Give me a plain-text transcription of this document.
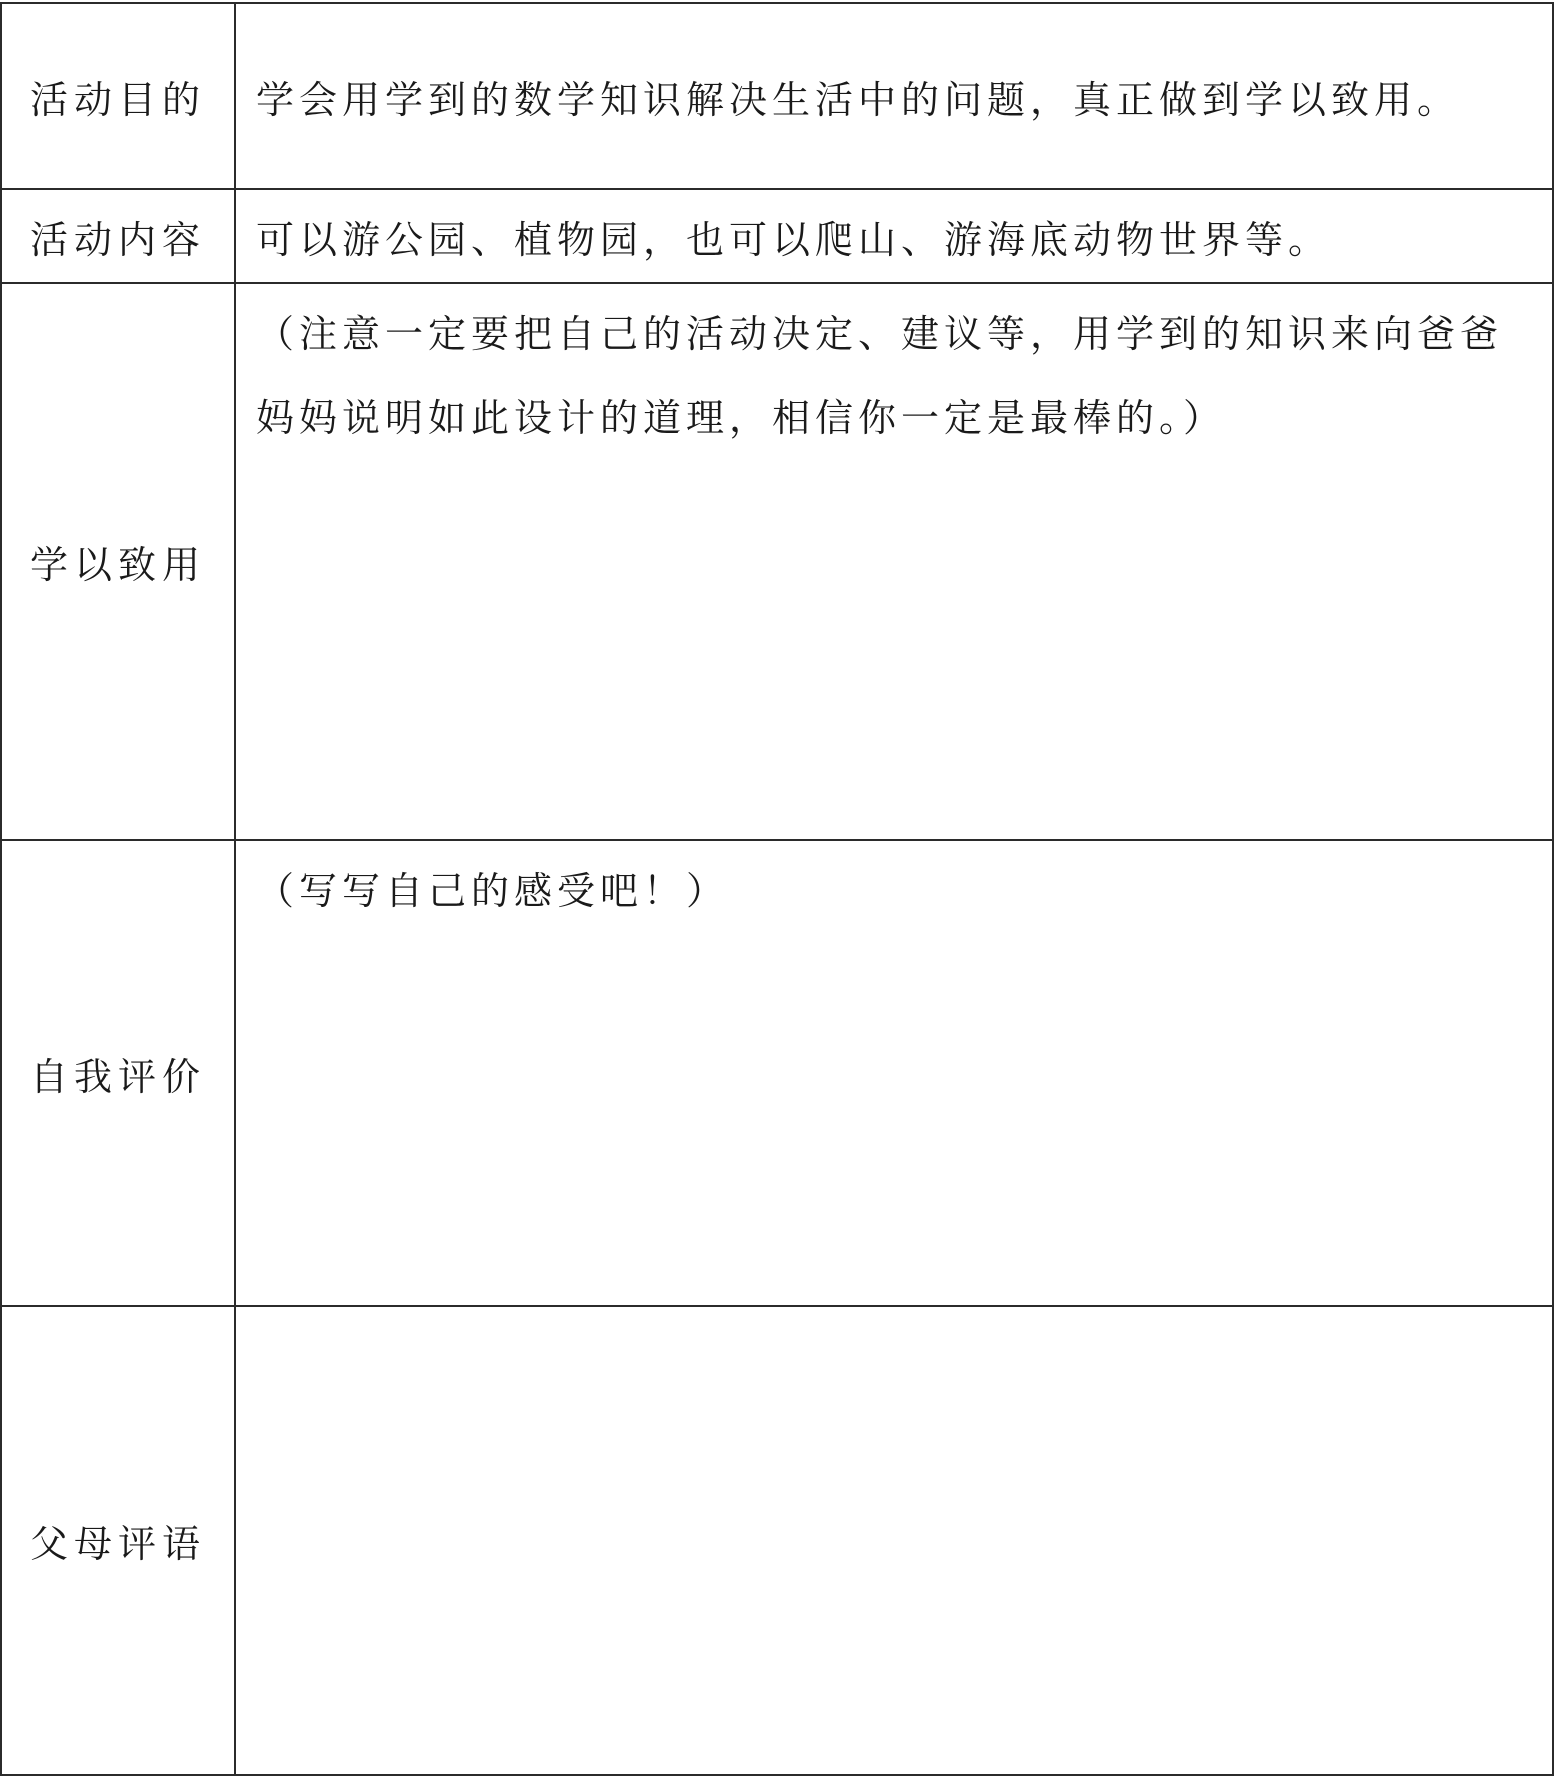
活动目的	学会用学到的数学知识解决生活中的问题，真正做到学以致用。
活动内容	可以游公园、植物园，也可以爬山、游海底动物世界等。
学以致用	（注意一定要把自己的活动决定、建议等，用学到的知识来向爸爸妈妈说明如此设计的道理，相信你一定是最棒的。）

自我评价	（写写自己的感受吧！）

父母评语	
